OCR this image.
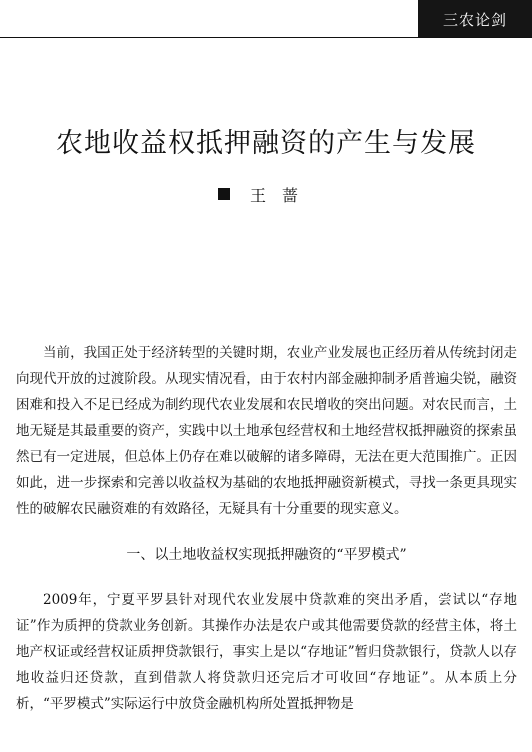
三农论剑
农地收益权抵押融资的产生与发展
王蔷

当前，我国正处于经济转型的关键时期，农业产业发展也正经历着从传统封闭走向现代开放的过渡阶段。从现实情况看，由于农村内部金融抑制矛盾普遍尖锐，融资困难和投入不足已经成为制约现代农业发展和农民增收的突出问题。对农民而言，土地无疑是其最重要的资产，实践中以土地承包经营权和土地经营权抵押融资的探索虽然已有一定进展，但总体上仍存在难以破解的诸多障碍，无法在更大范围推广。正因如此，进一步探索和完善以收益权为基础的农地抵押融资新模式，寻找一条更具现实性的破解农民融资难的有效路径，无疑具有十分重要的现实意义。

一、以土地收益权实现抵押融资的“平罗模式”

2009年，宁夏平罗县针对现代农业发展中贷款难的突出矛盾，尝试以“存地证”作为质押的贷款业务创新。其操作办法是农户或其他需要贷款的经营主体，将土地产权证或经营权证质押贷款银行，事实上是以“存地证”暂归贷款银行，贷款人以存地收益归还贷款，直到借款人将贷款归还完后才可收回“存地证”。从本质上分析，“平罗模式”实际运行中放贷金融机构所处置抵押物是
